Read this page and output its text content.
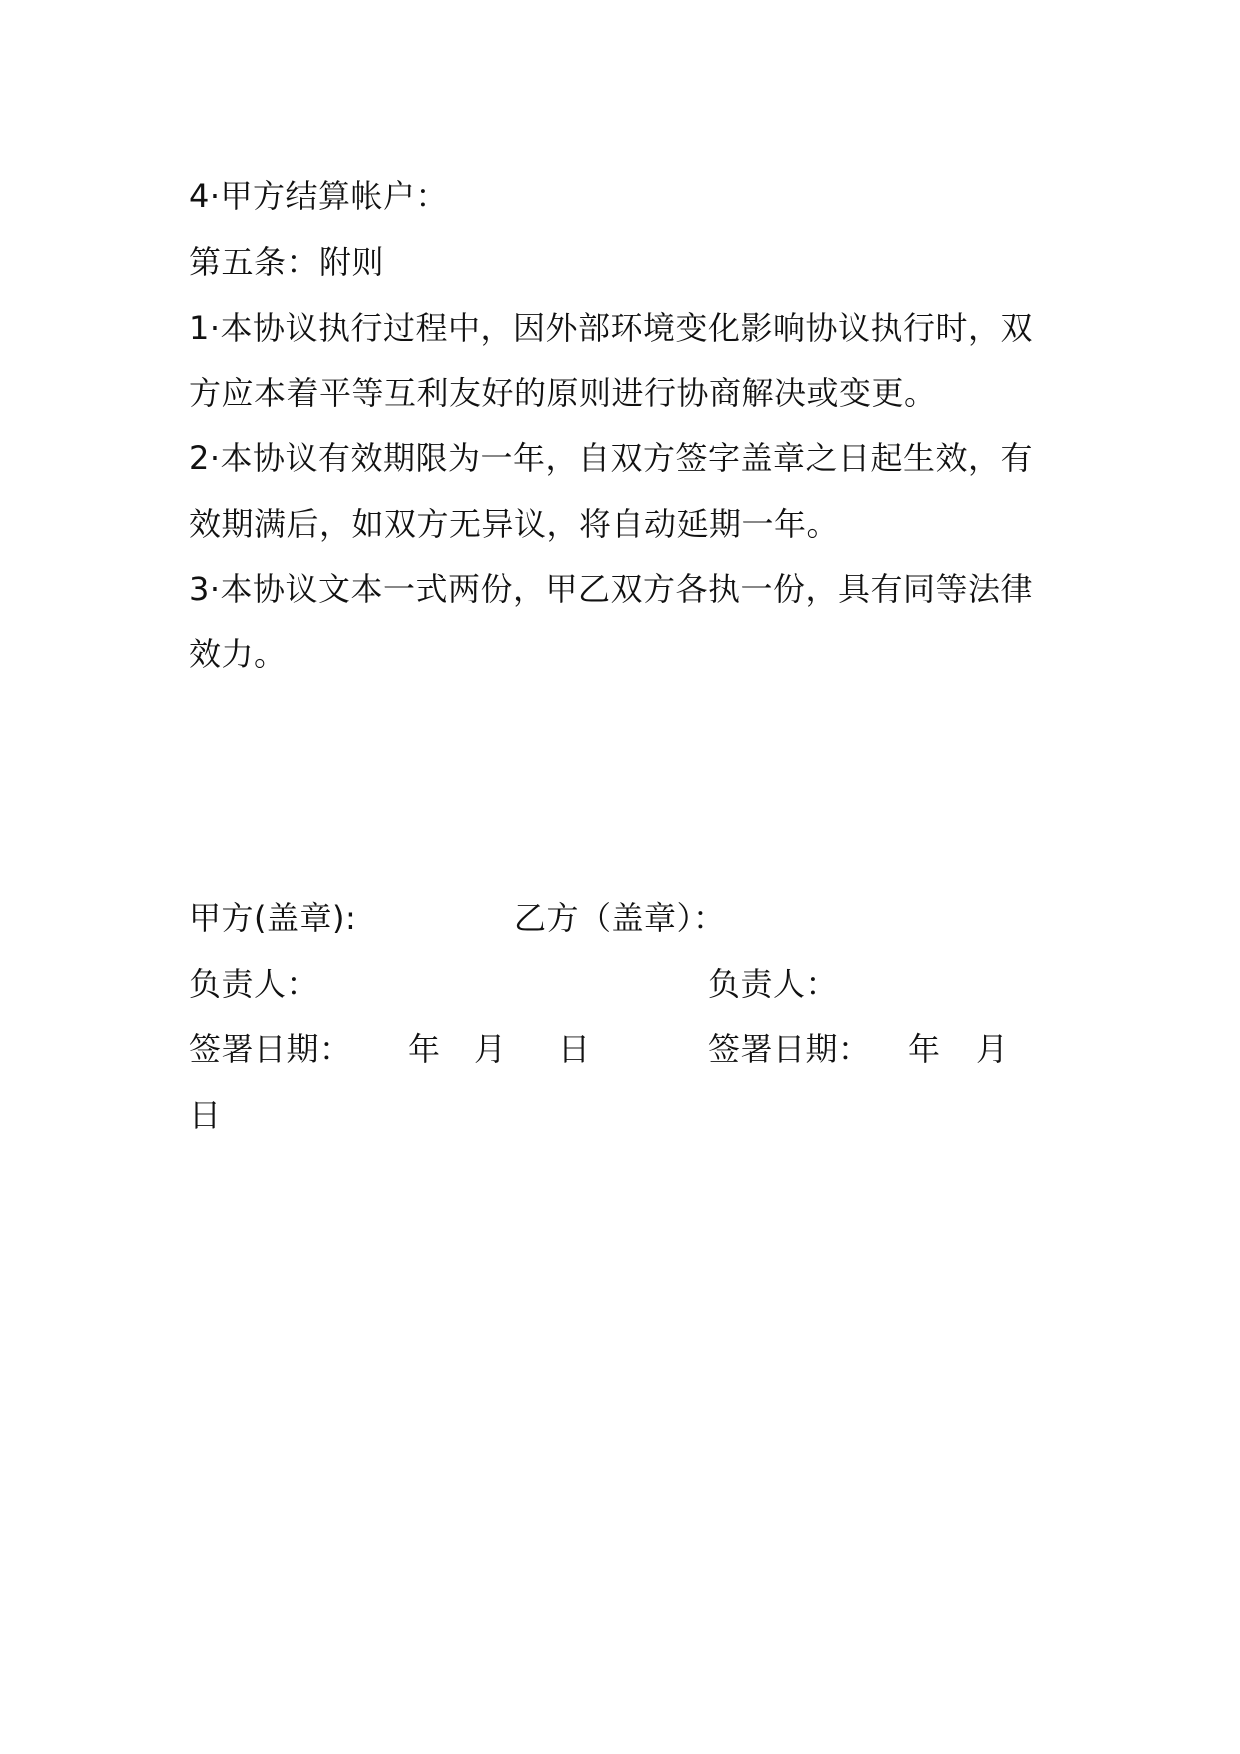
4·甲方结算帐户：
第五条：附则
1·本协议执行过程中，因外部环境变化影响协议执行时，双
方应本着平等互利友好的原则进行协商解决或变更。
2·本协议有效期限为一年，自双方签字盖章之日起生效，有
效期满后，如双方无异议，将自动延期一年。
3·本协议文本一式两份，甲乙双方各执一份，具有同等法律
效力。
甲方(盖章):	乙方（盖章）：
负责人：	负责人：
签署日期： 年 月 日	签署日期： 年 月
日
